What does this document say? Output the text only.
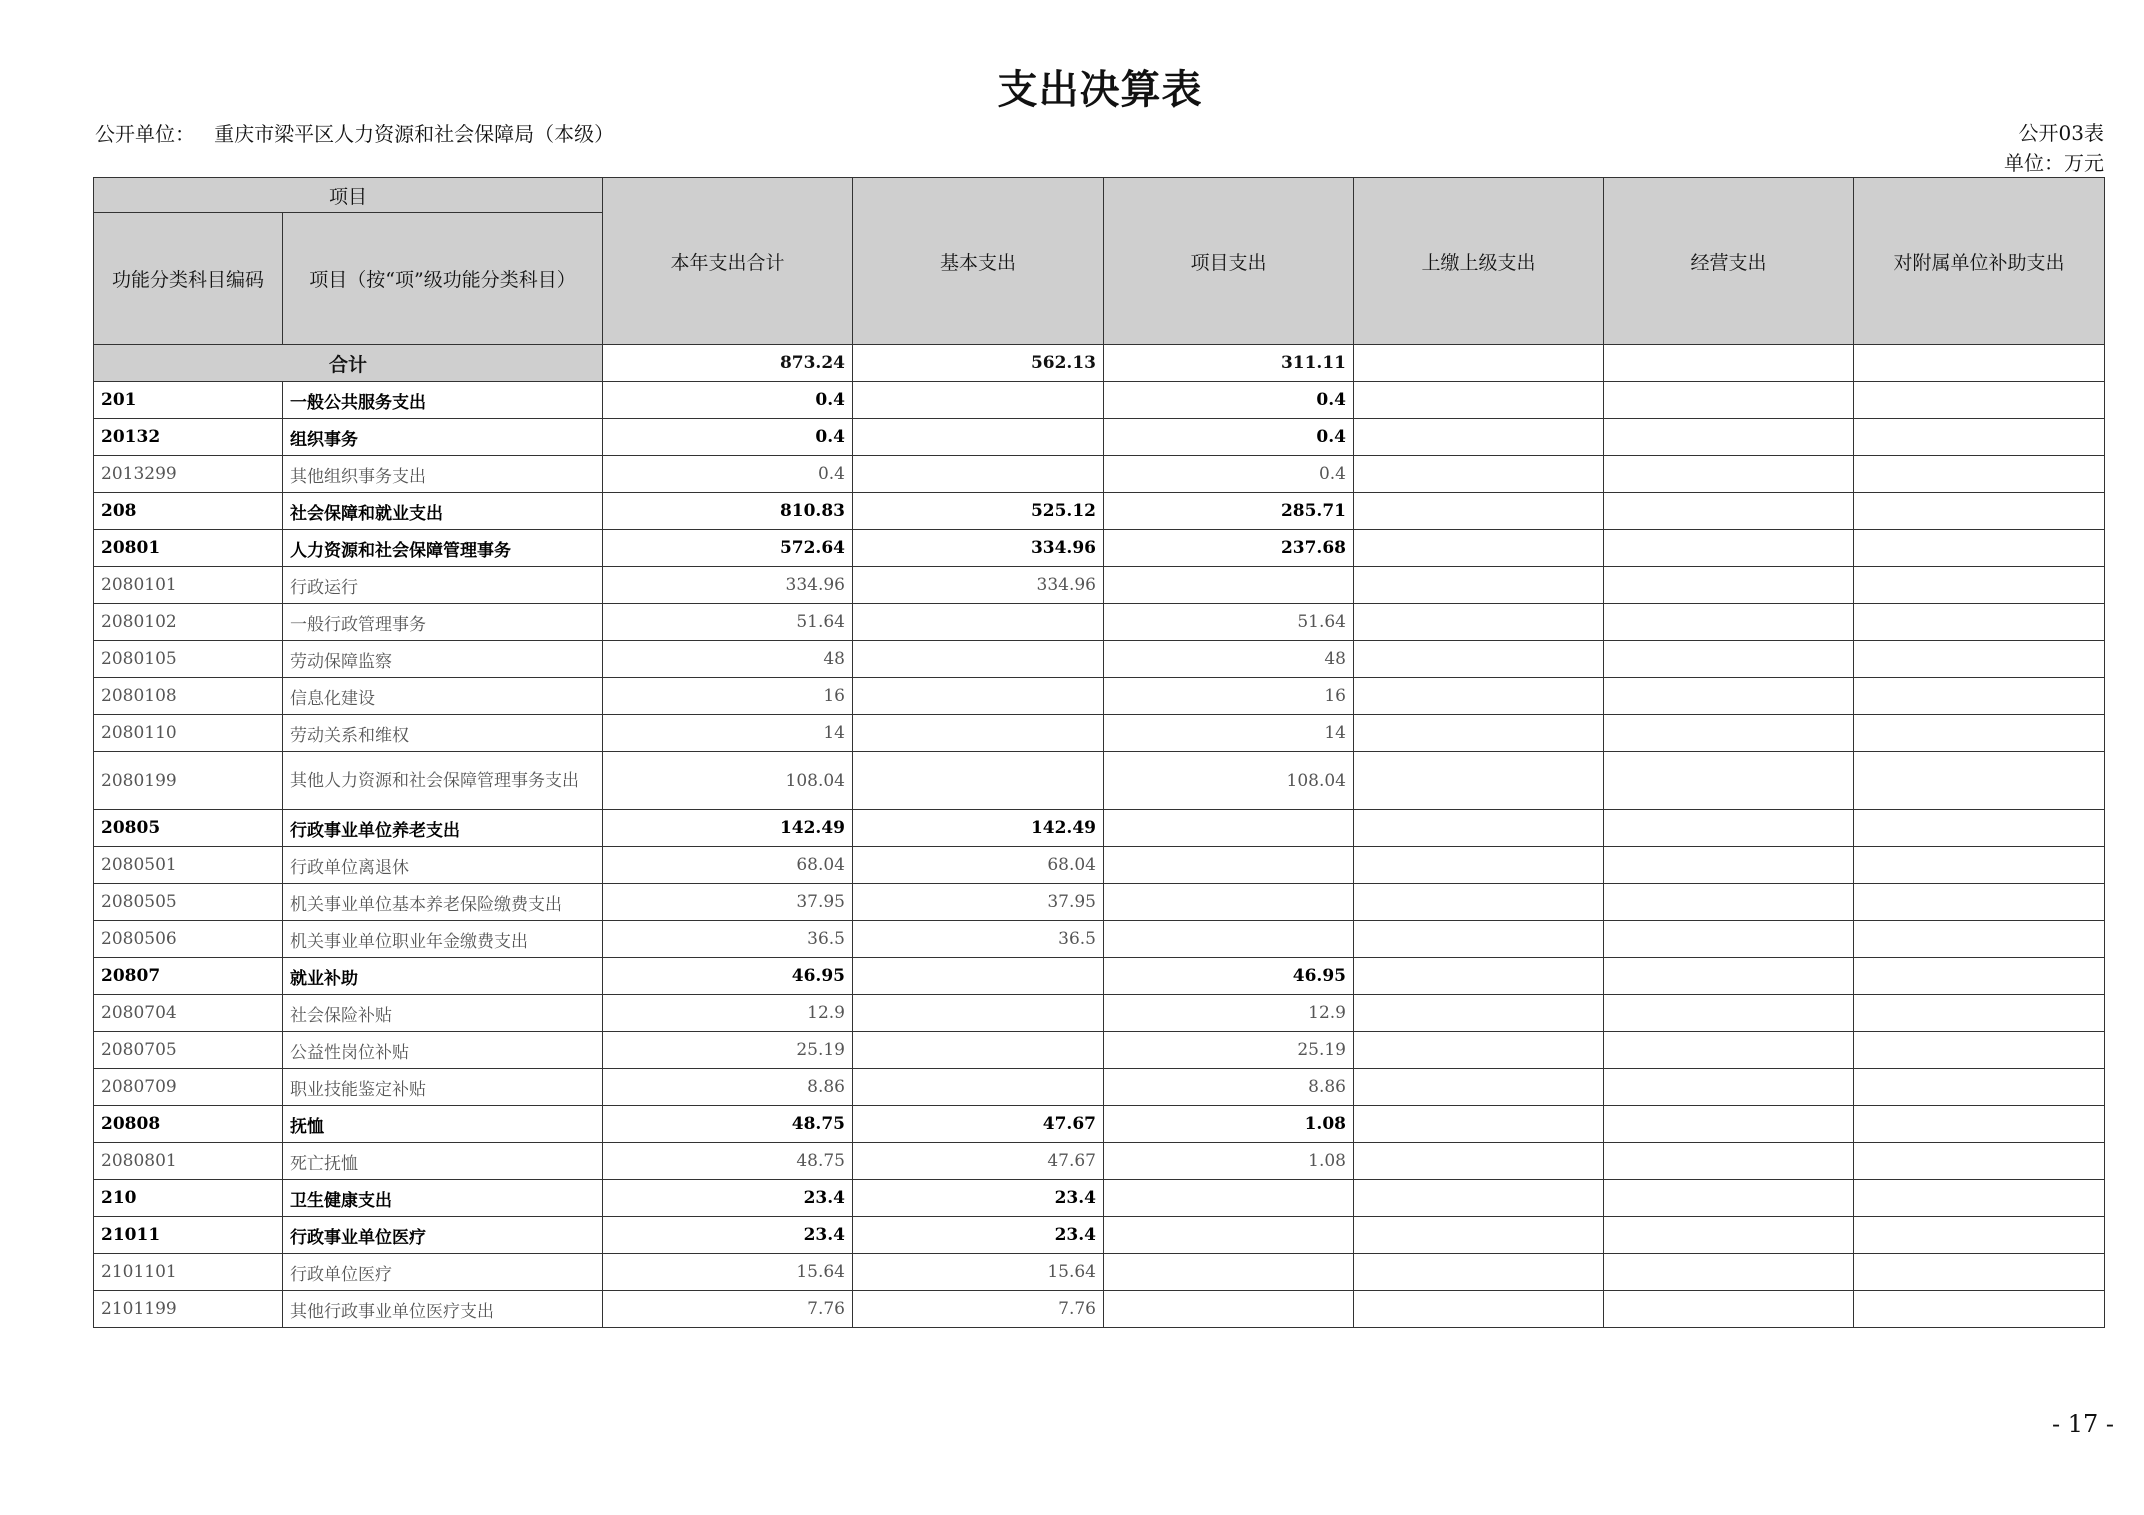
支出决算表
公开单位： 重庆市梁平区人力资源和社会保障局（本级）	公开03表
单位：万元
项目		本年支出合计	基本支出	项目支出	上缴上级支出	经营支出	对附属单位补助支出
功能分类科目编码	项目（按“项”级功能分类科目）						
合计		873.24	562.13	311.11			
201	一般公共服务支出	0.4		0.4			
20132	组织事务	0.4		0.4			
2013299	其他组织事务支出	0.4		0.4			
208	社会保障和就业支出	810.83	525.12	285.71			
20801	人力资源和社会保障管理事务	572.64	334.96	237.68			
2080101	行政运行	334.96	334.96				
2080102	一般行政管理事务	51.64		51.64			
2080105	劳动保障监察	48		48			
2080108	信息化建设	16		16			
2080110	劳动关系和维权	14		14			
2080199	其他人力资源和社会保障管理事务支出	108.04		108.04			
20805	行政事业单位养老支出	142.49	142.49				
2080501	行政单位离退休	68.04	68.04				
2080505	机关事业单位基本养老保险缴费支出	37.95	37.95				
2080506	机关事业单位职业年金缴费支出	36.5	36.5				
20807	就业补助	46.95		46.95			
2080704	社会保险补贴	12.9		12.9			
2080705	公益性岗位补贴	25.19		25.19			
2080709	职业技能鉴定补贴	8.86		8.86			
20808	抚恤	48.75	47.67	1.08			
2080801	死亡抚恤	48.75	47.67	1.08			
210	卫生健康支出	23.4	23.4				
21011	行政事业单位医疗	23.4	23.4				
2101101	行政单位医疗	15.64	15.64				
2101199	其他行政事业单位医疗支出	7.76	7.76				
- 17 -
